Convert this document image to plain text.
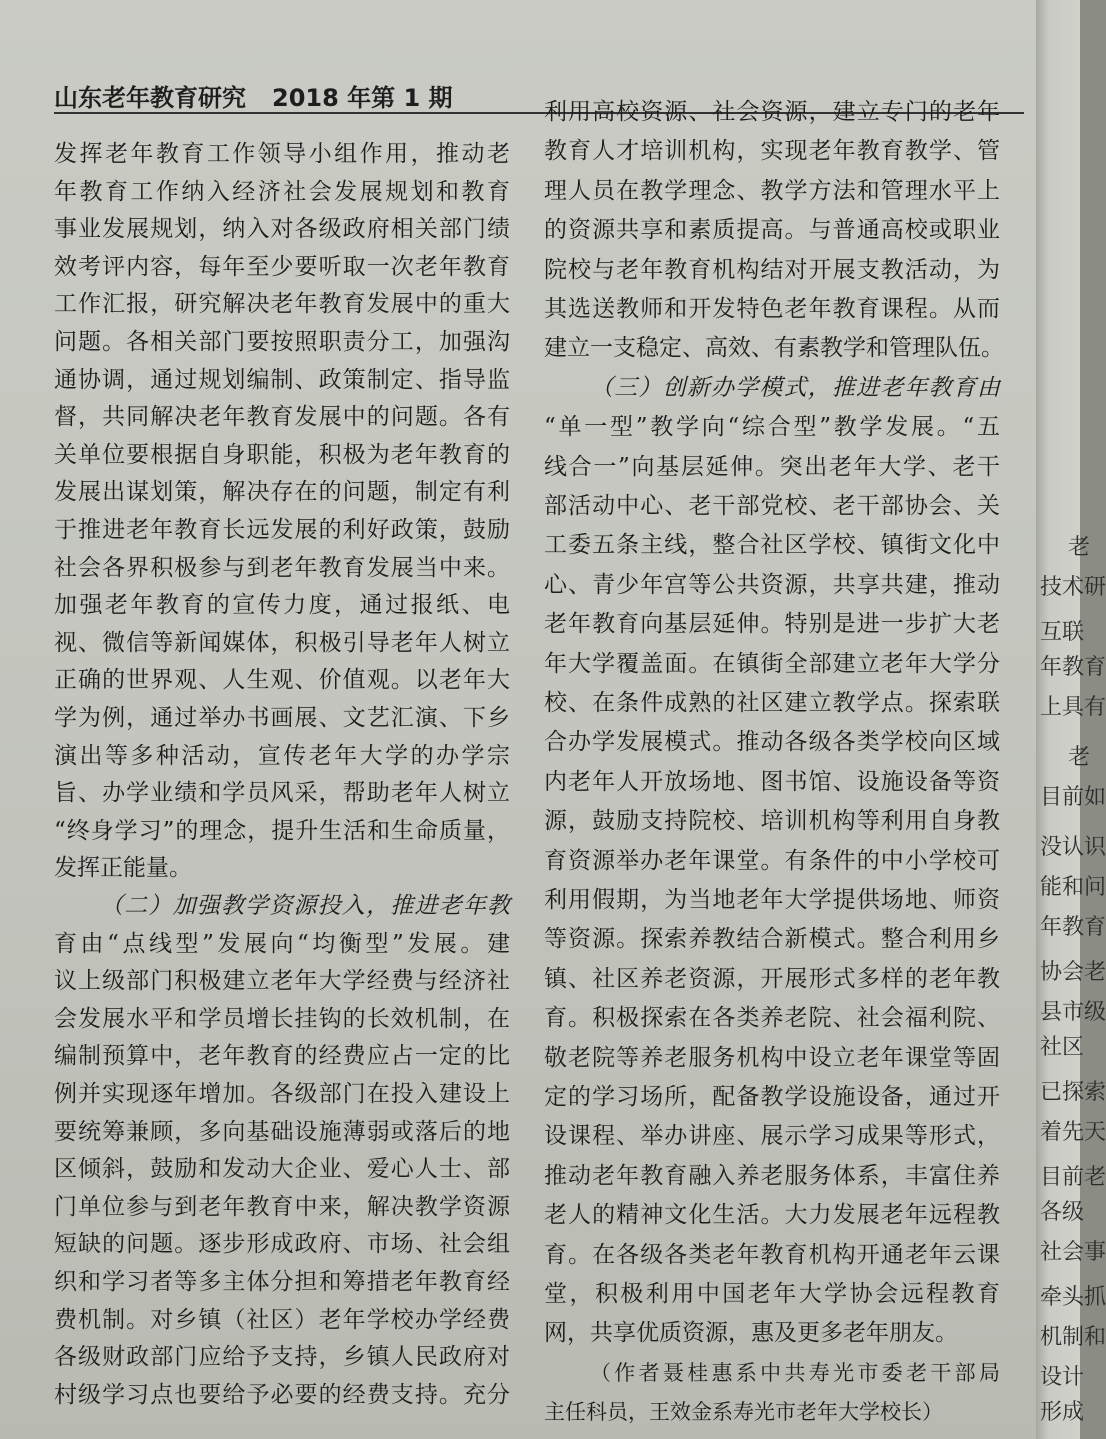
山东老年教育研究 2018 年第 1 期
发挥老年教育工作领导小组作用，推动老
年教育工作纳入经济社会发展规划和教育
事业发展规划，纳入对各级政府相关部门绩
效考评内容，每年至少要听取一次老年教育
工作汇报，研究解决老年教育发展中的重大
问题。各相关部门要按照职责分工，加强沟
通协调，通过规划编制、政策制定、指导监
督，共同解决老年教育发展中的问题。各有
关单位要根据自身职能，积极为老年教育的
发展出谋划策，解决存在的问题，制定有利
于推进老年教育长远发展的利好政策，鼓励
社会各界积极参与到老年教育发展当中来。
加强老年教育的宣传力度，通过报纸、电
视、微信等新闻媒体，积极引导老年人树立
正确的世界观、人生观、价值观。以老年大
学为例，通过举办书画展、文艺汇演、下乡
演出等多种活动，宣传老年大学的办学宗
旨、办学业绩和学员风采，帮助老年人树立
“终身学习”的理念，提升生活和生命质量，
发挥正能量。
（二）加强教学资源投入，推进老年教
育由“点线型”发展向“均衡型”发展。建
议上级部门积极建立老年大学经费与经济社
会发展水平和学员增长挂钩的长效机制，在
编制预算中，老年教育的经费应占一定的比
例并实现逐年增加。各级部门在投入建设上
要统筹兼顾，多向基础设施薄弱或落后的地
区倾斜，鼓励和发动大企业、爱心人士、部
门单位参与到老年教育中来，解决教学资源
短缺的问题。逐步形成政府、市场、社会组
织和学习者等多主体分担和筹措老年教育经
费机制。对乡镇（社区）老年学校办学经费
各级财政部门应给予支持，乡镇人民政府对
村级学习点也要给予必要的经费支持。充分
利用高校资源、社会资源，建立专门的老年
教育人才培训机构，实现老年教育教学、管
理人员在教学理念、教学方法和管理水平上
的资源共享和素质提高。与普通高校或职业
院校与老年教育机构结对开展支教活动，为
其选送教师和开发特色老年教育课程。从而
建立一支稳定、高效、有素教学和管理队伍。
（三）创新办学模式，推进老年教育由
“单一型”教学向“综合型”教学发展。“五
线合一”向基层延伸。突出老年大学、老干
部活动中心、老干部党校、老干部协会、关
工委五条主线，整合社区学校、镇街文化中
心、青少年宫等公共资源，共享共建，推动
老年教育向基层延伸。特别是进一步扩大老
年大学覆盖面。在镇街全部建立老年大学分
校、在条件成熟的社区建立教学点。探索联
合办学发展模式。推动各级各类学校向区域
内老年人开放场地、图书馆、设施设备等资
源，鼓励支持院校、培训机构等利用自身教
育资源举办老年课堂。有条件的中小学校可
利用假期，为当地老年大学提供场地、师资
等资源。探索养教结合新模式。整合利用乡
镇、社区养老资源，开展形式多样的老年教
育。积极探索在各类养老院、社会福利院、
敬老院等养老服务机构中设立老年课堂等固
定的学习场所，配备教学设施设备，通过开
设课程、举办讲座、展示学习成果等形式，
推动老年教育融入养老服务体系，丰富住养
老人的精神文化生活。大力发展老年远程教
育。在各级各类老年教育机构开通老年云课
堂，积极利用中国老年大学协会远程教育
网，共享优质资源，惠及更多老年朋友。
（作者聂桂惠系中共寿光市委老干部局
主任科员，王效金系寿光市老年大学校长）
老
技术研
互联
年教育
上具有
老
目前如
没认识
能和问
年教育
协会老
县市级
社区
已探索
着先天
目前老
各级
社会事
牵头抓
机制和
设计
形成
